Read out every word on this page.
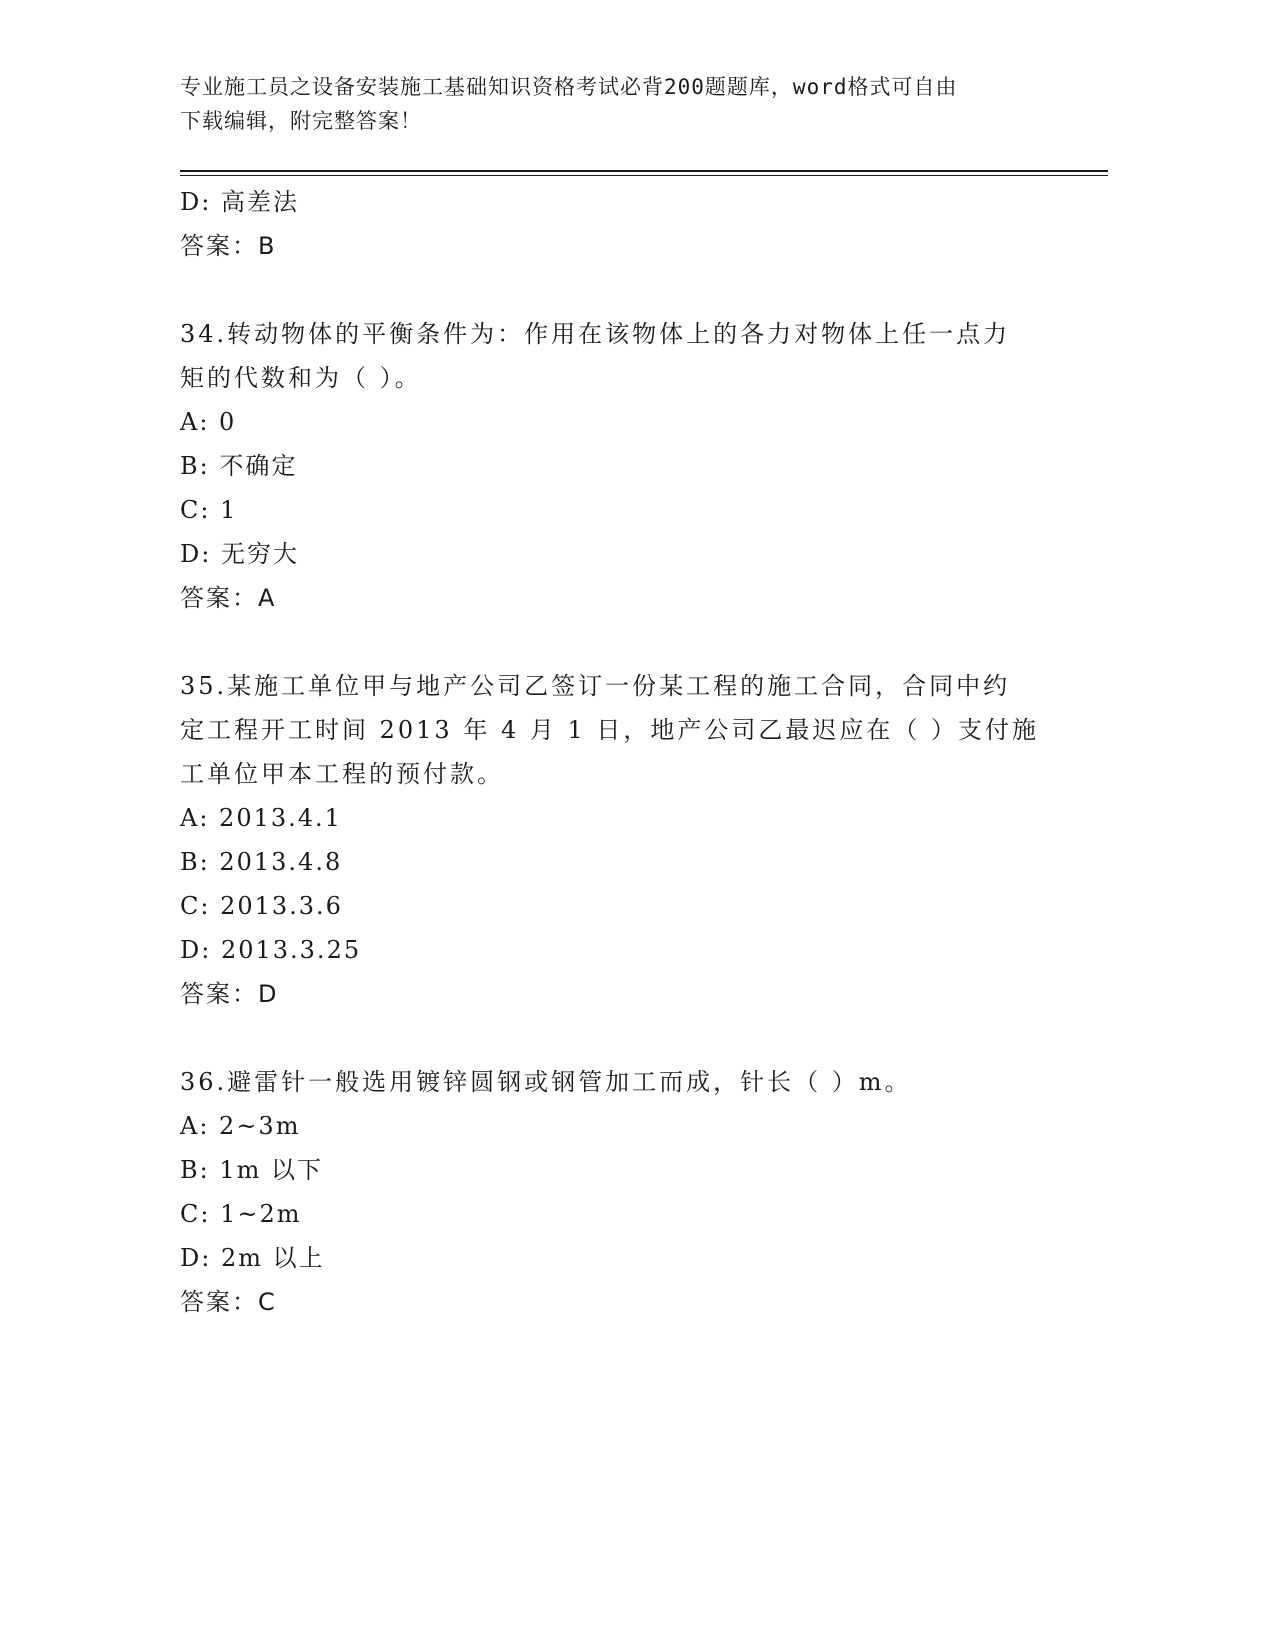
专业施工员之设备安装施工基础知识资格考试必背200题题库，word格式可自由
下载编辑，附完整答案！
D: 高差法
答案：B
34.转动物体的平衡条件为：作用在该物体上的各力对物体上任一点力
矩的代数和为（ ）。
A: 0
B: 不确定
C: 1
D: 无穷大
答案：A
35.某施工单位甲与地产公司乙签订一份某工程的施工合同，合同中约
定工程开工时间 2013 年 4 月 1 日，地产公司乙最迟应在（ ）支付施
工单位甲本工程的预付款。
A: 2013.4.1
B: 2013.4.8
C: 2013.3.6
D: 2013.3.25
答案：D
36.避雷针一般选用镀锌圆钢或钢管加工而成，针长（ ）m。
A: 2~3m
B: 1m 以下
C: 1~2m
D: 2m 以上
答案：C
